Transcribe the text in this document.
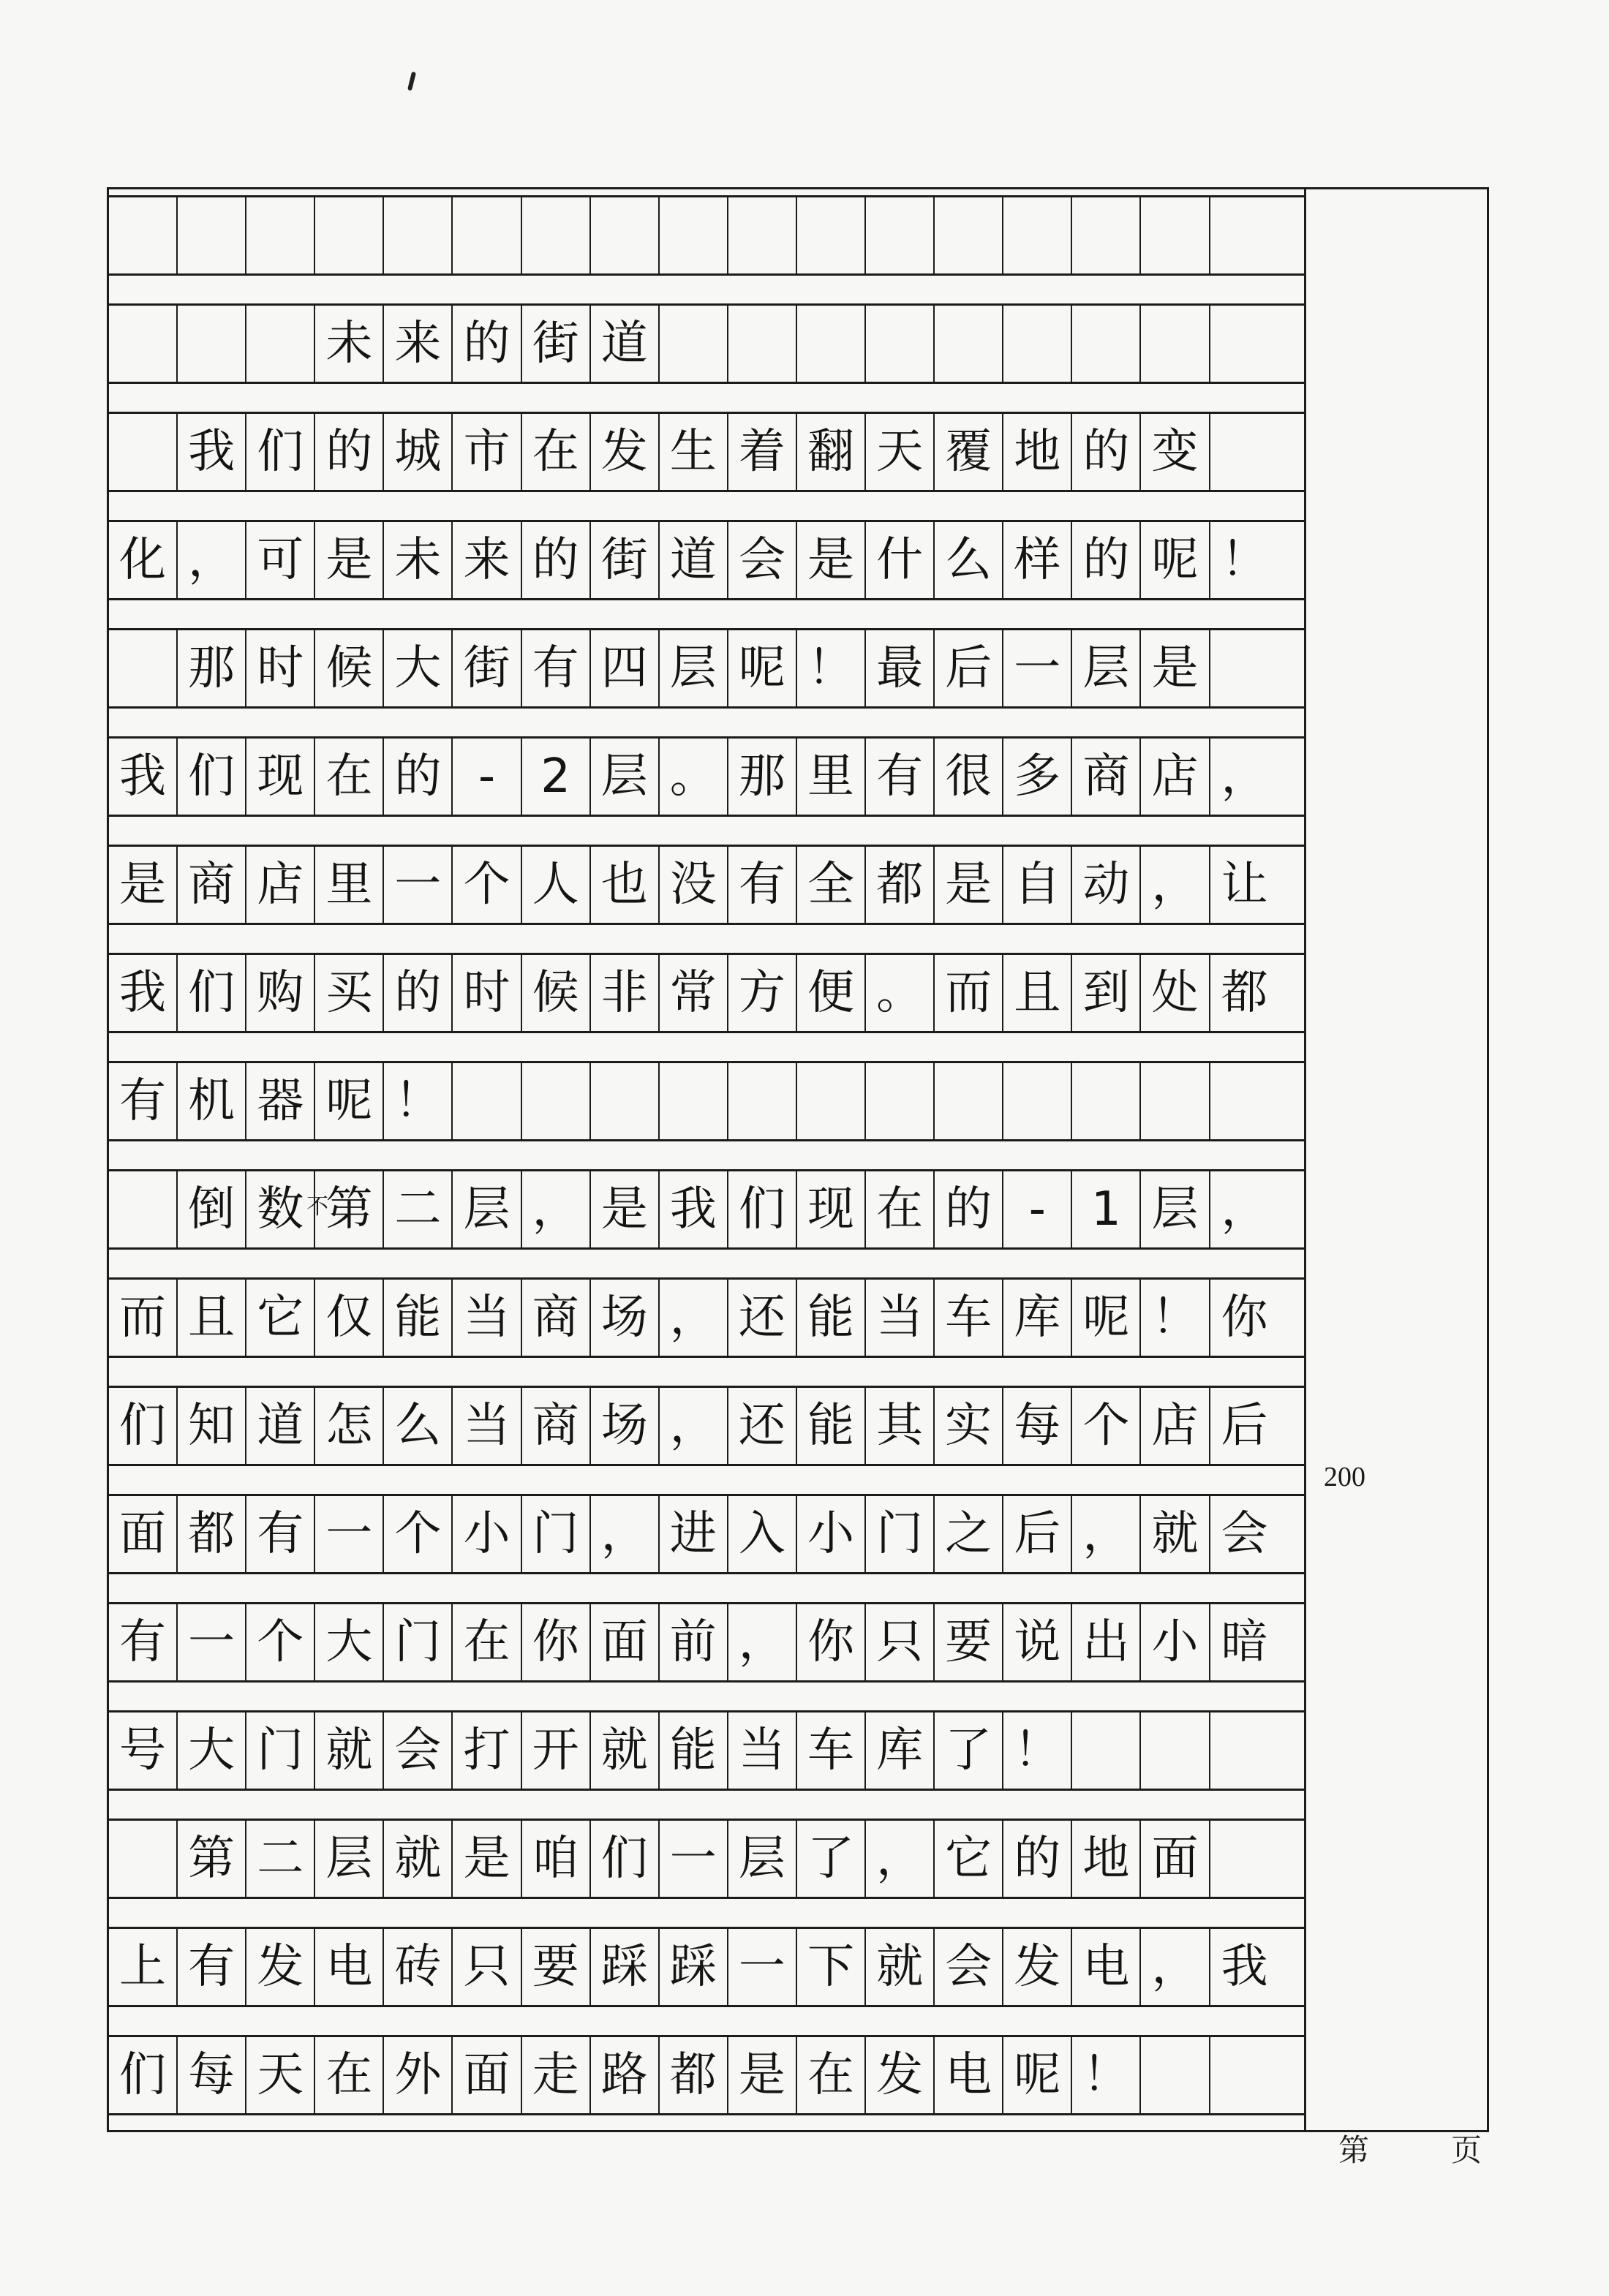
未 来 的 街 道
我 们 的 城 市 在 发 生 着 翻 天 覆 地 的 变
化 ， 可 是 未 来 的 街 道 会 是 什 么 样 的 呢 ！
那 时 候 大 街 有 四 层 呢 ！ 最 后 一 层 是
我 们 现 在 的 - 2 层 。 那 里 有 很 多 商 店 ，
是 商 店 里 一 个 人 也 没 有 全 都 是 自 动 ， 让
我 们 购 买 的 时 候 非 常 方 便 。 而 且 到 处 都
有 机 器 呢 ！
倒 数 第 二 层 ， 是 我 们 现 在 的 - 1 层 ，
而 且 它 仅 能 当 商 场 ， 还 能 当 车 库 呢 ！ 你
们 知 道 怎 么 当 商 场 ， 还 能 其 实 每 个 店 后
面 都 有 一 个 小 门 ， 进 入 小 门 之 后 ， 就 会
有 一 个 大 门 在 你 面 前 ， 你 只 要 说 出 小 暗
号 大 门 就 会 打 开 就 能 当 车 库 了 ！
第 二 层 就 是 咱 们 一 层 了 ， 它 的 地 面
上 有 发 电 砖 只 要 踩 踩 一 下 就 会 发 电 ， 我
们 每 天 在 外 面 走 路 都 是 在 发 电 呢 ！
不
200
第	页
